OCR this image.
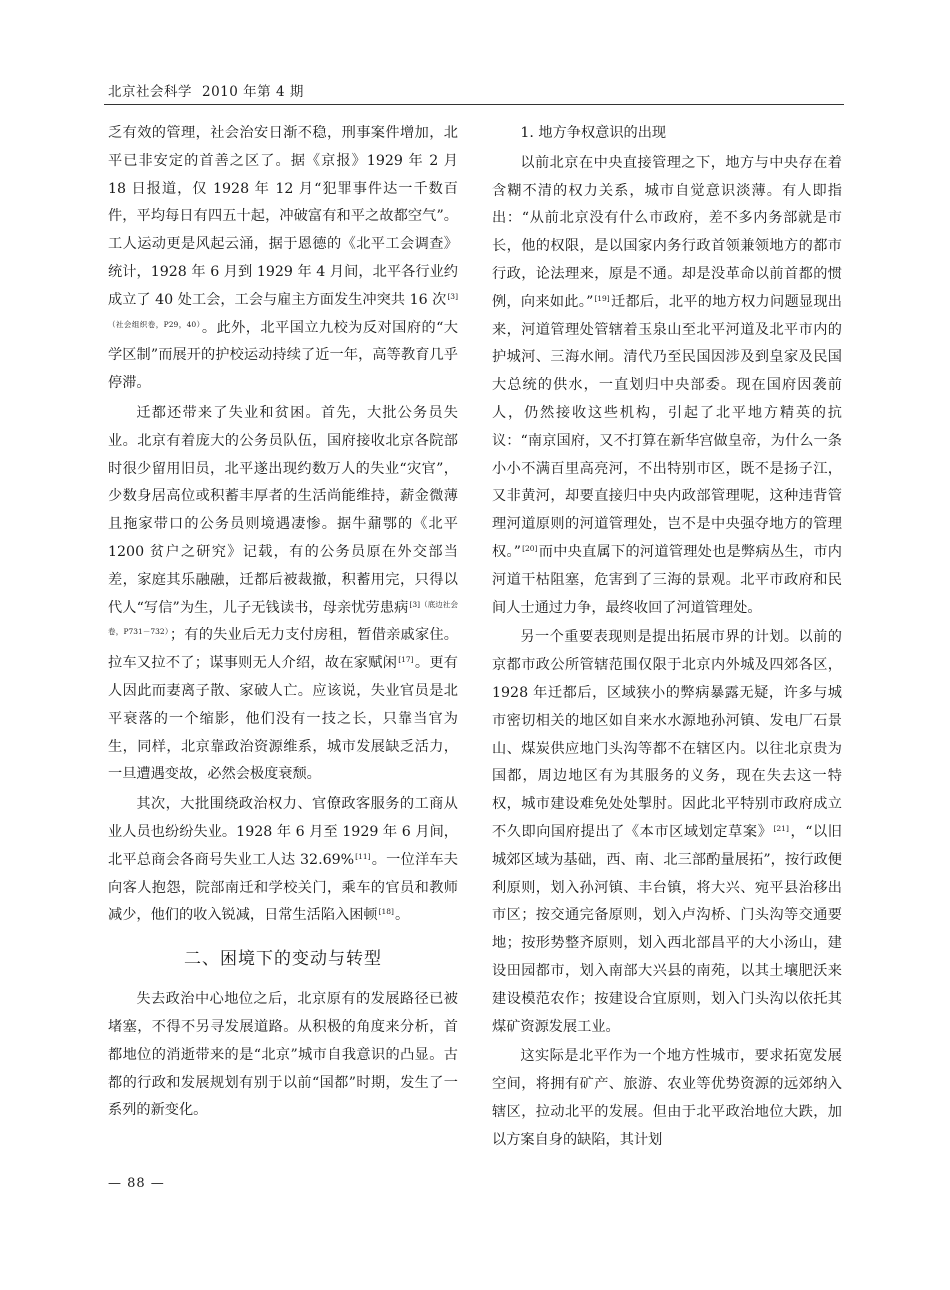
北京社会科学 2010 年第 4 期

乏有效的管理，社会治安日渐不稳，刑事案件增加，北平已非安定的首善之区了。据《京报》1929 年 2 月 18 日报道，仅 1928 年 12 月“犯罪事件达一千数百件，平均每日有四五十起，冲破富有和平之故都空气”。工人运动更是风起云涌，据于恩德的《北平工会调查》统计，1928 年 6 月到 1929 年 4 月间，北平各行业约成立了 40 处工会，工会与雇主方面发生冲突共 16 次$^{[3](社会组织卷,P29,40)}$。此外，北平国立九校为反对国府的“大学区制”而展开的护校运动持续了近一年，高等教育几乎停滞。

迁都还带来了失业和贫困。首先，大批公务员失业。北京有着庞大的公务员队伍，国府接收北京各院部时很少留用旧员，北平遂出现约数万人的失业“灾官”，少数身居高位或积蓄丰厚者的生活尚能维持，薪金微薄且拖家带口的公务员则境遇凄惨。据牛鼐鄂的《北平 1200 贫户之研究》记载，有的公务员原在外交部当差，家庭其乐融融，迁都后被裁撤，积蓄用完，只得以代人“写信”为生，儿子无钱读书，母亲忧劳患病$^{[3](底边社会卷,P731-732)}$；有的失业后无力支付房租，暂借亲戚家住。拉车又拉不了；谋事则无人介绍，故在家赋闲[17]。更有人因此而妻离子散、家破人亡。应该说，失业官员是北平衰落的一个缩影，他们没有一技之长，只靠当官为生，同样，北京靠政治资源维系，城市发展缺乏活力，一旦遭遇变故，必然会极度衰颓。

其次，大批围绕政治权力、官僚政客服务的工商从业人员也纷纷失业。1928 年 6 月至 1929 年 6 月间，北平总商会各商号失业工人达 32.69%[11]。一位洋车夫向客人抱怨，院部南迁和学校关门，乘车的官员和教师减少，他们的收入锐减，日常生活陷入困顿[18]。

二、困境下的变动与转型

失去政治中心地位之后，北京原有的发展路径已被堵塞，不得不另寻发展道路。从积极的角度来分析，首都地位的消逝带来的是“北京”城市自我意识的凸显。古都的行政和发展规划有别于以前“国都”时期，发生了一系列的新变化。

1. 地方争权意识的出现

以前北京在中央直接管理之下，地方与中央存在着含糊不清的权力关系，城市自觉意识淡薄。有人即指出：“从前北京没有什么市政府，差不多内务部就是市长，他的权限，是以国家内务行政首领兼领地方的都市行政，论法理来，原是不通。却是没革命以前首都的惯例，向来如此。”[19]迁都后，北平的地方权力问题显现出来，河道管理处管辖着玉泉山至北平河道及北平市内的护城河、三海水闸。清代乃至民国因涉及到皇家及民国大总统的供水，一直划归中央部委。现在国府因袭前人，仍然接收这些机构，引起了北平地方精英的抗议：“南京国府，又不打算在新华宫做皇帝，为什么一条小小不满百里高亮河，不出特别市区，既不是扬子江，又非黄河，却要直接归中央内政部管理呢，这种违背管理河道原则的河道管理处，岂不是中央强夺地方的管理权。”[20]而中央直属下的河道管理处也是弊病丛生，市内河道干枯阻塞，危害到了三海的景观。北平市政府和民间人士通过力争，最终收回了河道管理处。

另一个重要表现则是提出拓展市界的计划。以前的京都市政公所管辖范围仅限于北京内外城及四郊各区，1928 年迁都后，区域狭小的弊病暴露无疑，许多与城市密切相关的地区如自来水水源地孙河镇、发电厂石景山、煤炭供应地门头沟等都不在辖区内。以往北京贵为国都，周边地区有为其服务的义务，现在失去这一特权，城市建设难免处处掣肘。因此北平特别市政府成立不久即向国府提出了《本市区域划定草案》[21]，“以旧城郊区域为基础，西、南、北三部酌量展拓”，按行政便利原则，划入孙河镇、丰台镇，将大兴、宛平县治移出市区；按交通完备原则，划入卢沟桥、门头沟等交通要地；按形势整齐原则，划入西北部昌平的大小汤山，建设田园都市，划入南部大兴县的南苑，以其土壤肥沃来建设模范农作；按建设合宜原则，划入门头沟以依托其煤矿资源发展工业。

这实际是北平作为一个地方性城市，要求拓宽发展空间，将拥有矿产、旅游、农业等优势资源的远郊纳入辖区，拉动北平的发展。但由于北平政治地位大跌，加以方案自身的缺陷，其计划

— 88 —
